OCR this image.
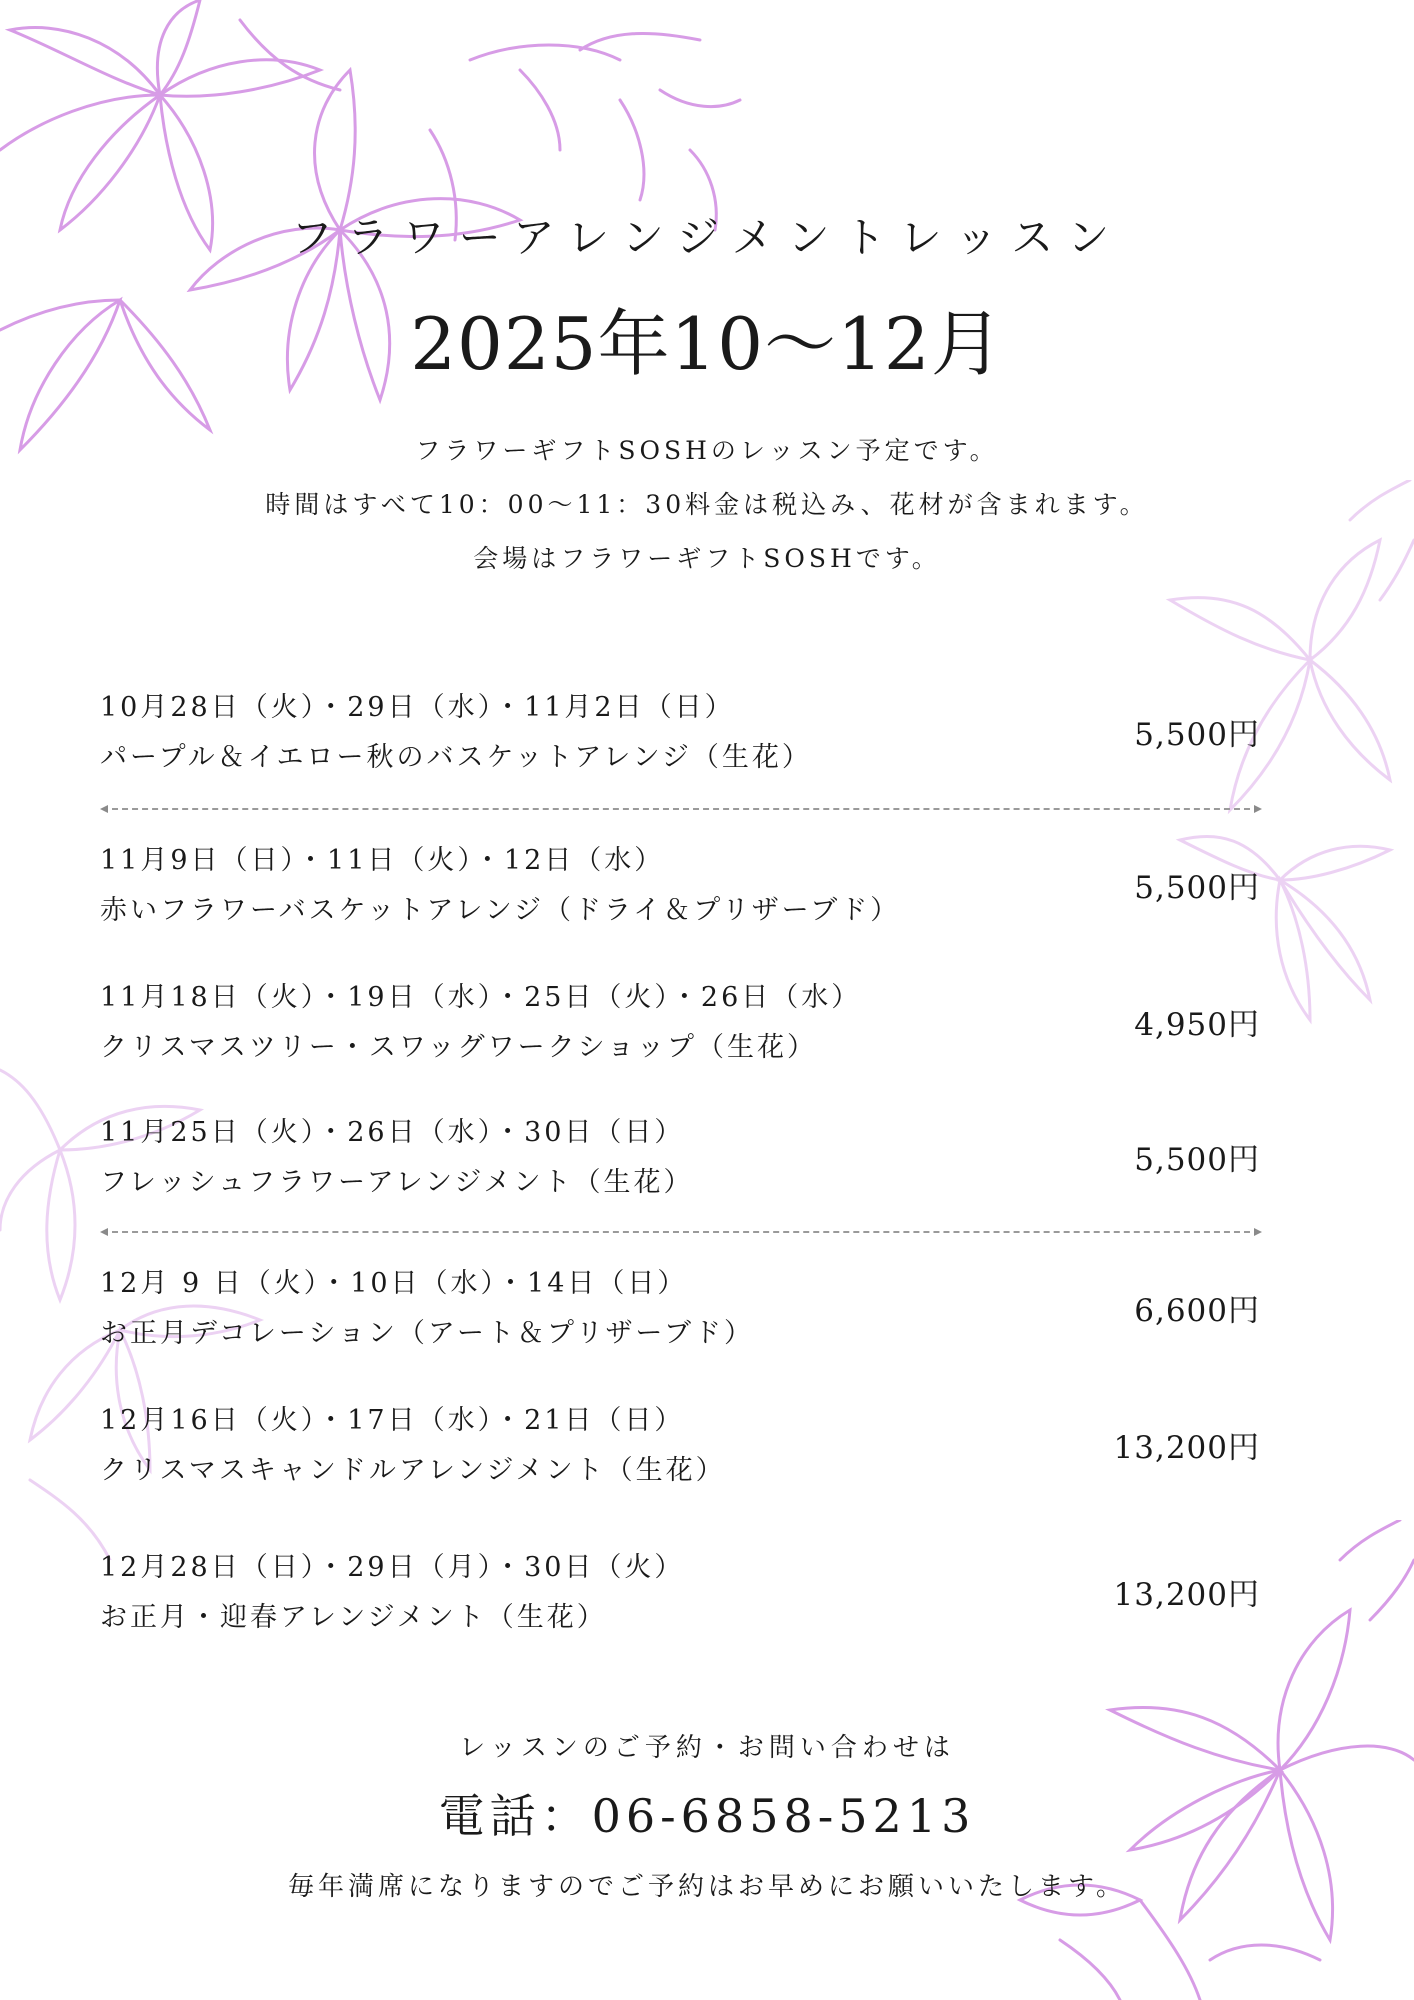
フラワーアレンジメントレッスン
2025年10〜12月
フラワーギフトSOSHのレッスン予定です。
時間はすべて10：00〜11：30料金は税込み、花材が含まれます。
会場はフラワーギフトSOSHです。
10月28日（火）・29日（水）・11月2日（日）
パープル＆イエロー秋のバスケットアレンジ（生花）
5,500円
11月9日（日）・11日（火）・12日（水）
赤いフラワーバスケットアレンジ（ドライ＆プリザーブド）
5,500円
11月18日（火）・19日（水）・25日（火）・26日（水）
クリスマスツリー・スワッグワークショップ（生花）
4,950円
11月25日（火）・26日（水）・30日（日）
フレッシュフラワーアレンジメント（生花）
5,500円
12月 9 日（火）・10日（水）・14日（日）
お正月デコレーション（アート＆プリザーブド）
6,600円
12月16日（火）・17日（水）・21日（日）
クリスマスキャンドルアレンジメント（生花）
13,200円
12月28日（日）・29日（月）・30日（火）
お正月・迎春アレンジメント（生花）
13,200円
レッスンのご予約・お問い合わせは
電話：06-6858-5213
毎年満席になりますのでご予約はお早めにお願いいたします。
